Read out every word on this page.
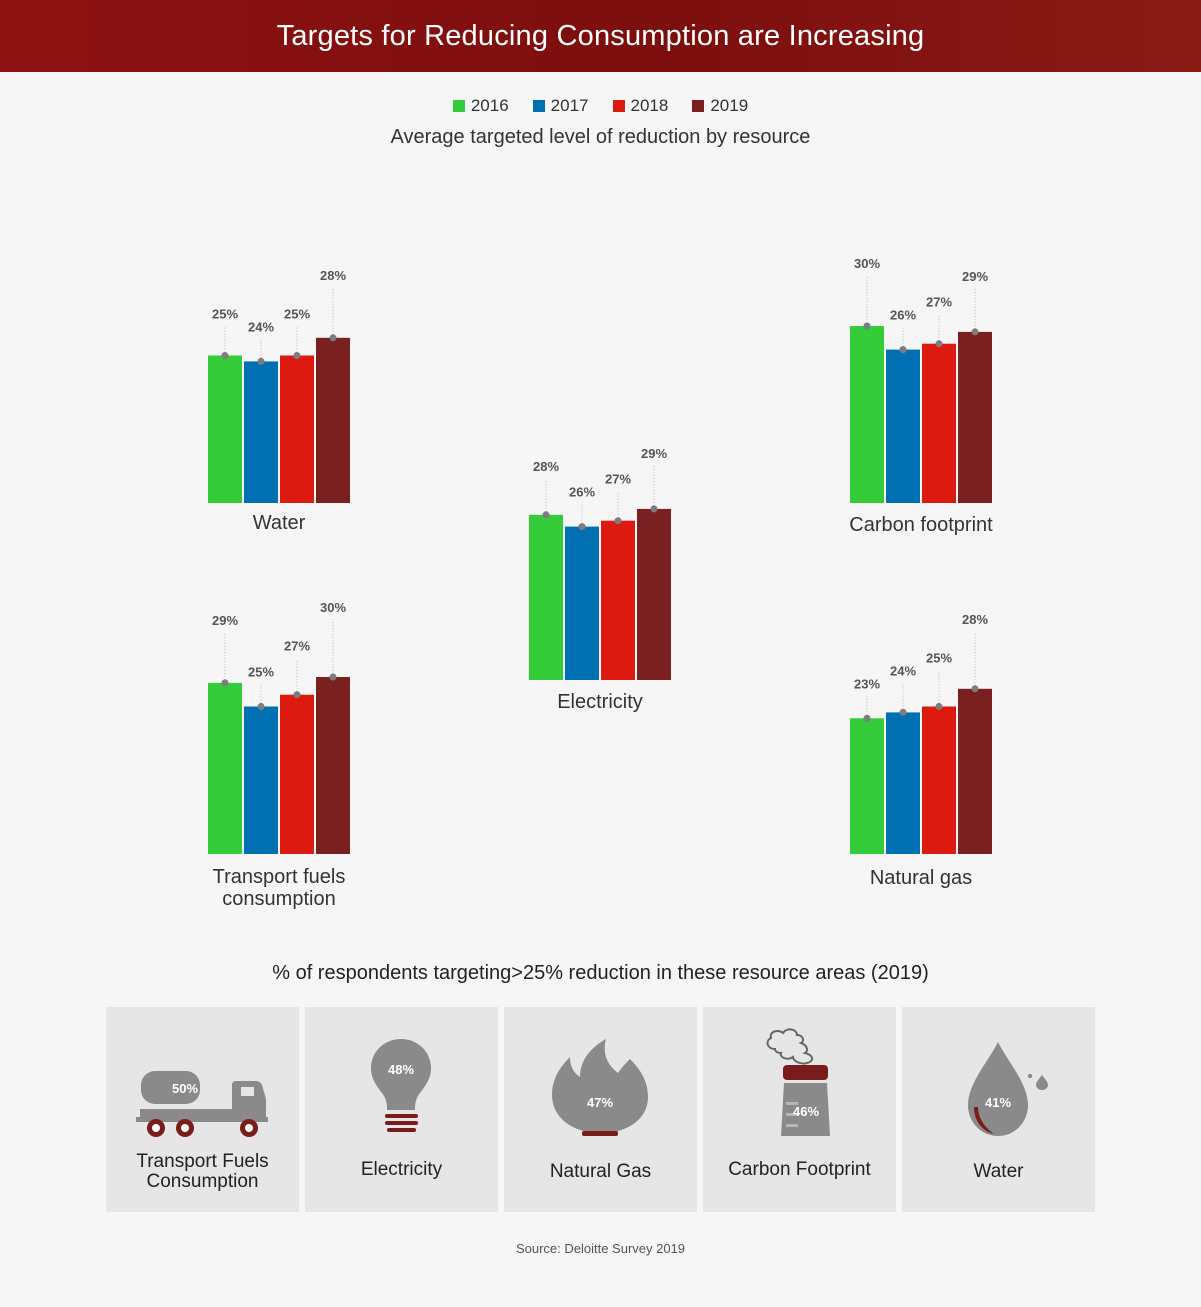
Targets for Reducing Consumption are Increasing
2016 2017 2018 2019
Average targeted level of reduction by resource
25%
24%
25%
28%
Water
28%
26%
27%
29%
Electricity
30%
26%
27%
29%
Carbon footprint
29%
25%
27%
30%
Transport fuels
consumption
23%
24%
25%
28%
Natural gas
% of respondents targeting>25% reduction in these resource areas (2019)
50%
Transport Fuels Consumption
48%
Electricity
47%
Natural Gas
46%
Carbon Footprint
41%
Water
Source: Deloitte Survey 2019
